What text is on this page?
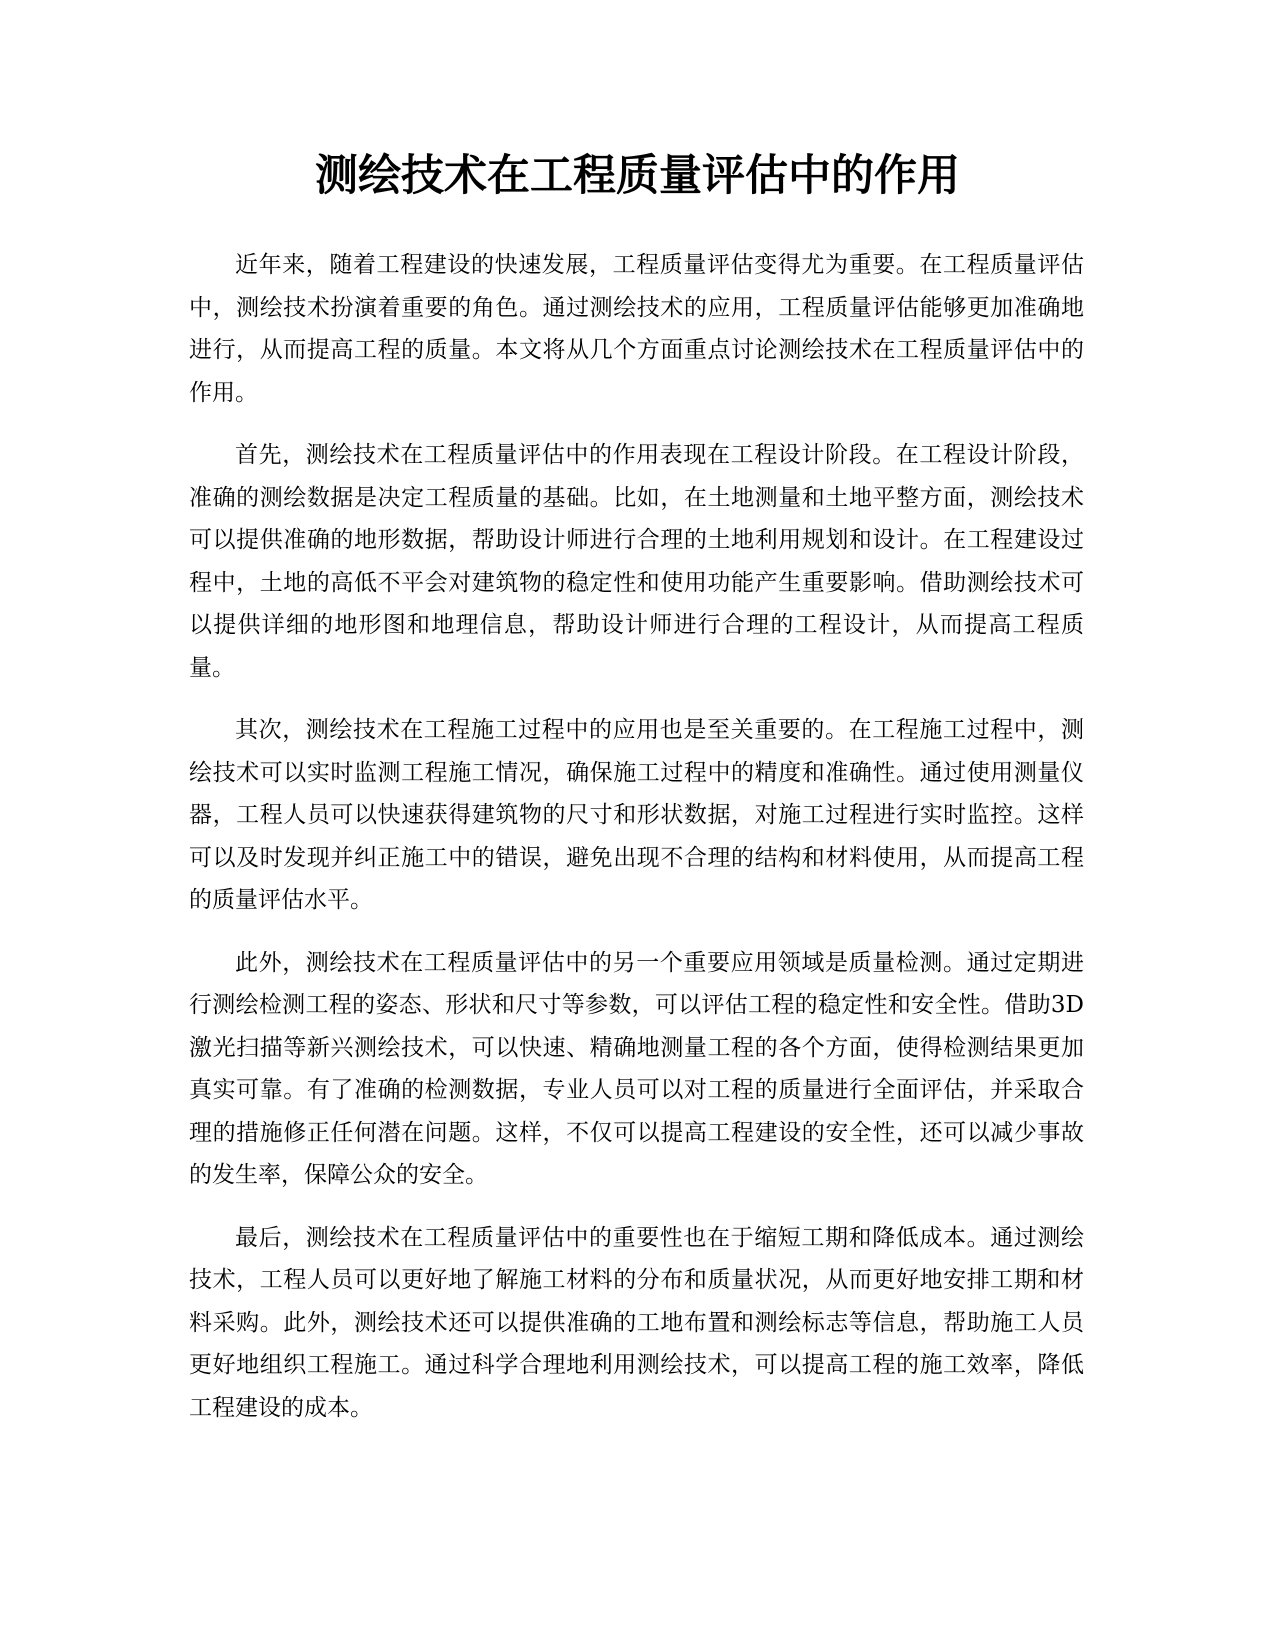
测绘技术在工程质量评估中的作用

近年来，随着工程建设的快速发展，工程质量评估变得尤为重要。在工程质量评估中，测绘技术扮演着重要的角色。通过测绘技术的应用，工程质量评估能够更加准确地进行，从而提高工程的质量。本文将从几个方面重点讨论测绘技术在工程质量评估中的作用。

首先，测绘技术在工程质量评估中的作用表现在工程设计阶段。在工程设计阶段，准确的测绘数据是决定工程质量的基础。比如，在土地测量和土地平整方面，测绘技术可以提供准确的地形数据，帮助设计师进行合理的土地利用规划和设计。在工程建设过程中，土地的高低不平会对建筑物的稳定性和使用功能产生重要影响。借助测绘技术可以提供详细的地形图和地理信息，帮助设计师进行合理的工程设计，从而提高工程质量。

其次，测绘技术在工程施工过程中的应用也是至关重要的。在工程施工过程中，测绘技术可以实时监测工程施工情况，确保施工过程中的精度和准确性。通过使用测量仪器，工程人员可以快速获得建筑物的尺寸和形状数据，对施工过程进行实时监控。这样可以及时发现并纠正施工中的错误，避免出现不合理的结构和材料使用，从而提高工程的质量评估水平。

此外，测绘技术在工程质量评估中的另一个重要应用领域是质量检测。通过定期进行测绘检测工程的姿态、形状和尺寸等参数，可以评估工程的稳定性和安全性。借助3D激光扫描等新兴测绘技术，可以快速、精确地测量工程的各个方面，使得检测结果更加真实可靠。有了准确的检测数据，专业人员可以对工程的质量进行全面评估，并采取合理的措施修正任何潜在问题。这样，不仅可以提高工程建设的安全性，还可以减少事故的发生率，保障公众的安全。

最后，测绘技术在工程质量评估中的重要性也在于缩短工期和降低成本。通过测绘技术，工程人员可以更好地了解施工材料的分布和质量状况，从而更好地安排工期和材料采购。此外，测绘技术还可以提供准确的工地布置和测绘标志等信息，帮助施工人员更好地组织工程施工。通过科学合理地利用测绘技术，可以提高工程的施工效率，降低工程建设的成本。
